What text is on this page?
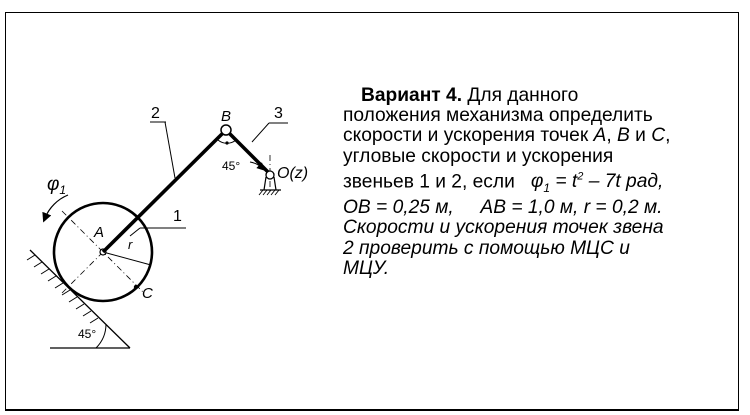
45°
A
r
C
1
2	3
B
45° O(z)
$\varphi_1$

Вариант 4. Для данного

положения механизма определить

скорости и ускорения точек А, В и С,

угловые скорости и ускорения

звеньев 1 и 2, если $\varphi_1 = t^2 - 7t$ рад,

OB = 0,25 м, AB = 1,0 м, r = 0,2 м.

Скорости и ускорения точек звена

2 проверить с помощью МЦС и

МЦУ.
